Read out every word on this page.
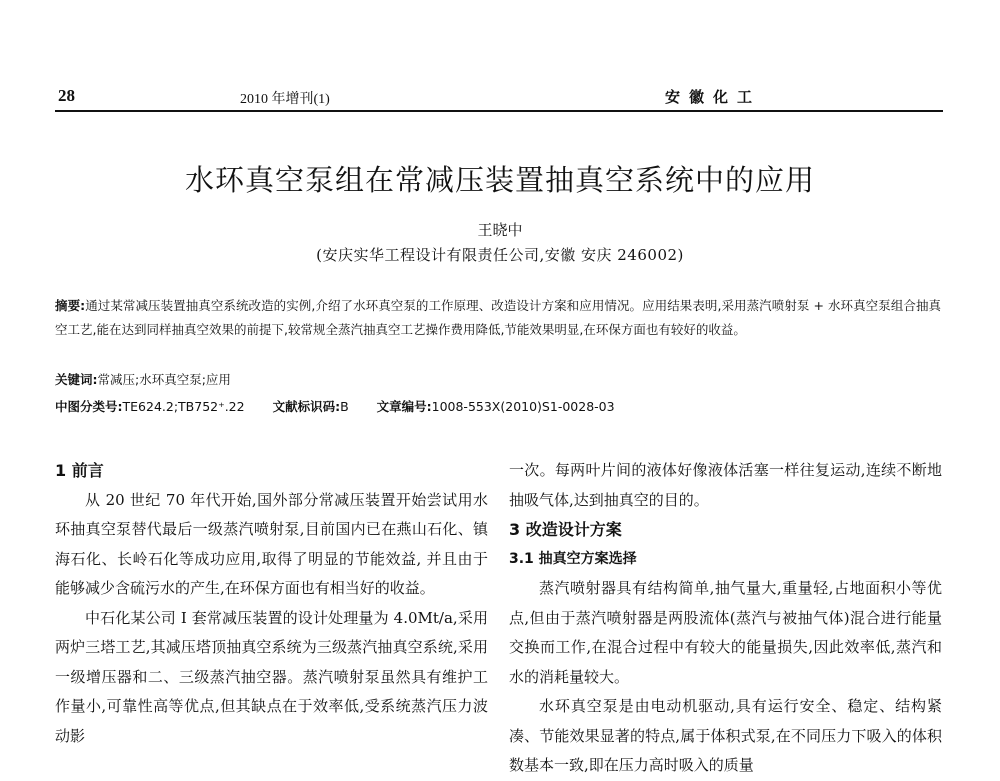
28	2010 年增刊(1)	安徽化工
水环真空泵组在常减压装置抽真空系统中的应用
王晓中
(安庆实华工程设计有限责任公司,安徽 安庆 246002)
摘要:通过某常减压装置抽真空系统改造的实例,介绍了水环真空泵的工作原理、改造设计方案和应用情况。应用结果表明,采用蒸汽喷射泵 + 水环真空泵组合抽真空工艺,能在达到同样抽真空效果的前提下,较常规全蒸汽抽真空工艺操作费用降低,节能效果明显,在环保方面也有较好的收益。
关键词:常减压;水环真空泵;应用
中图分类号:TE624.2;TB752⁺.22 文献标识码:B 文章编号:1008-553X(2010)S1-0028-03

1 前言

从 20 世纪 70 年代开始,国外部分常减压装置开始尝试用水环抽真空泵替代最后一级蒸汽喷射泵,目前国内已在燕山石化、镇海石化、长岭石化等成功应用,取得了明显的节能效益, 并且由于能够减少含硫污水的产生,在环保方面也有相当好的收益。

中石化某公司 I 套常减压装置的设计处理量为 4.0Mt/a,采用两炉三塔工艺,其减压塔顶抽真空系统为三级蒸汽抽真空系统,采用一级增压器和二、三级蒸汽抽空器。蒸汽喷射泵虽然具有维护工作量小,可靠性高等优点,但其缺点在于效率低,受系统蒸汽压力波动影

一次。每两叶片间的液体好像液体活塞一样往复运动,连续不断地抽吸气体,达到抽真空的目的。

3 改造设计方案

3.1 抽真空方案选择

蒸汽喷射器具有结构简单,抽气量大,重量轻,占地面积小等优点,但由于蒸汽喷射器是两股流体(蒸汽与被抽气体)混合进行能量交换而工作,在混合过程中有较大的能量损失,因此效率低,蒸汽和水的消耗量较大。

水环真空泵是由电动机驱动,具有运行安全、稳定、结构紧凑、节能效果显著的特点,属于体积式泵,在不同压力下吸入的体积数基本一致,即在压力高时吸入的质量
